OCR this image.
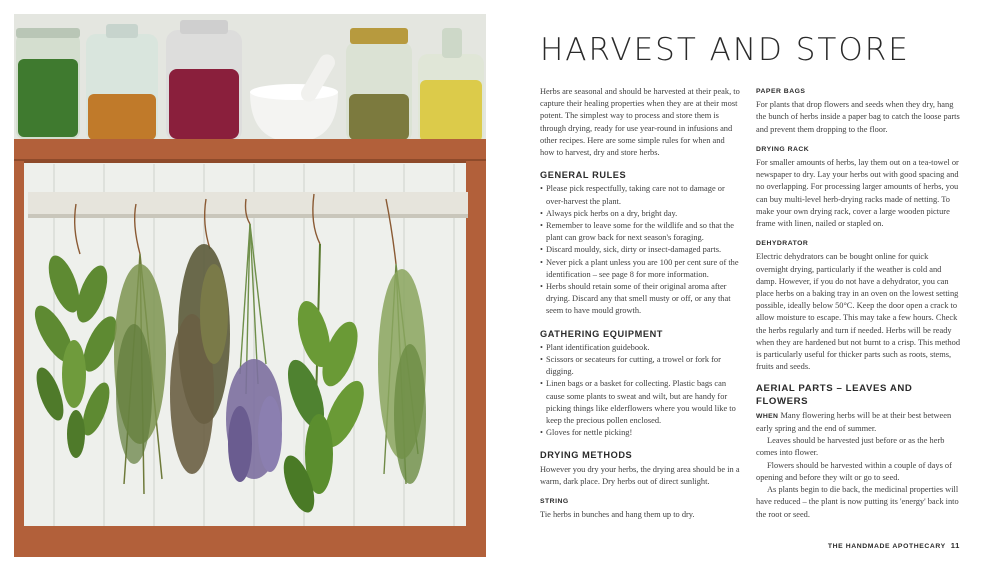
HARVEST AND STORE

Herbs are seasonal and should be harvested at their peak, to capture their healing properties when they are at their most potent. The simplest way to process and store them is through drying, ready for use year-round in infusions and other recipes. Here are some simple rules for when and how to harvest, dry and store herbs.

GENERAL RULES
• Please pick respectfully, taking care not to damage or over-harvest the plant.
• Always pick herbs on a dry, bright day.
• Remember to leave some for the wildlife and so that the plant can grow back for next season's foraging.
• Discard mouldy, sick, dirty or insect-damaged parts.
• Never pick a plant unless you are 100 per cent sure of the identification – see page 8 for more information.
• Herbs should retain some of their original aroma after drying. Discard any that smell musty or off, or any that seem to have mould growth.
GATHERING EQUIPMENT
• Plant identification guidebook.
• Scissors or secateurs for cutting, a trowel or fork for digging.
• Linen bags or a basket for collecting. Plastic bags can cause some plants to sweat and wilt, but are handy for picking things like elderflowers where you would like to keep the precious pollen enclosed.
• Gloves for nettle picking!
DRYING METHODS

However you dry your herbs, the drying area should be in a warm, dark place. Dry herbs out of direct sunlight.

STRING

Tie herbs in bunches and hang them up to dry.

PAPER BAGS

For plants that drop flowers and seeds when they dry, hang the bunch of herbs inside a paper bag to catch the loose parts and prevent them dropping to the floor.

DRYING RACK

For smaller amounts of herbs, lay them out on a tea-towel or newspaper to dry. Lay your herbs out with good spacing and no overlapping. For processing larger amounts of herbs, you can buy multi-level herb-drying racks made of netting. To make your own drying rack, cover a large wooden picture frame with linen, nailed or stapled on.

DEHYDRATOR

Electric dehydrators can be bought online for quick overnight drying, particularly if the weather is cold and damp. However, if you do not have a dehydrator, you can place herbs on a baking tray in an oven on the lowest setting possible, ideally below 50°C. Keep the door open a crack to allow moisture to escape. This may take a few hours. Check the herbs regularly and turn if needed. Herbs will be ready when they are hardened but not burnt to a crisp. This method is particularly useful for thicker parts such as roots, stems, fruits and seeds.

AERIAL PARTS – LEAVES AND FLOWERS

WHEN Many flowering herbs will be at their best between early spring and the end of summer.

Leaves should be harvested just before or as the herb comes into flower.

Flowers should be harvested within a couple of days of opening and before they wilt or go to seed.

As plants begin to die back, the medicinal properties will have reduced – the plant is now putting its 'energy' back into the root or seed.

THE HANDMADE APOTHECARY 11
